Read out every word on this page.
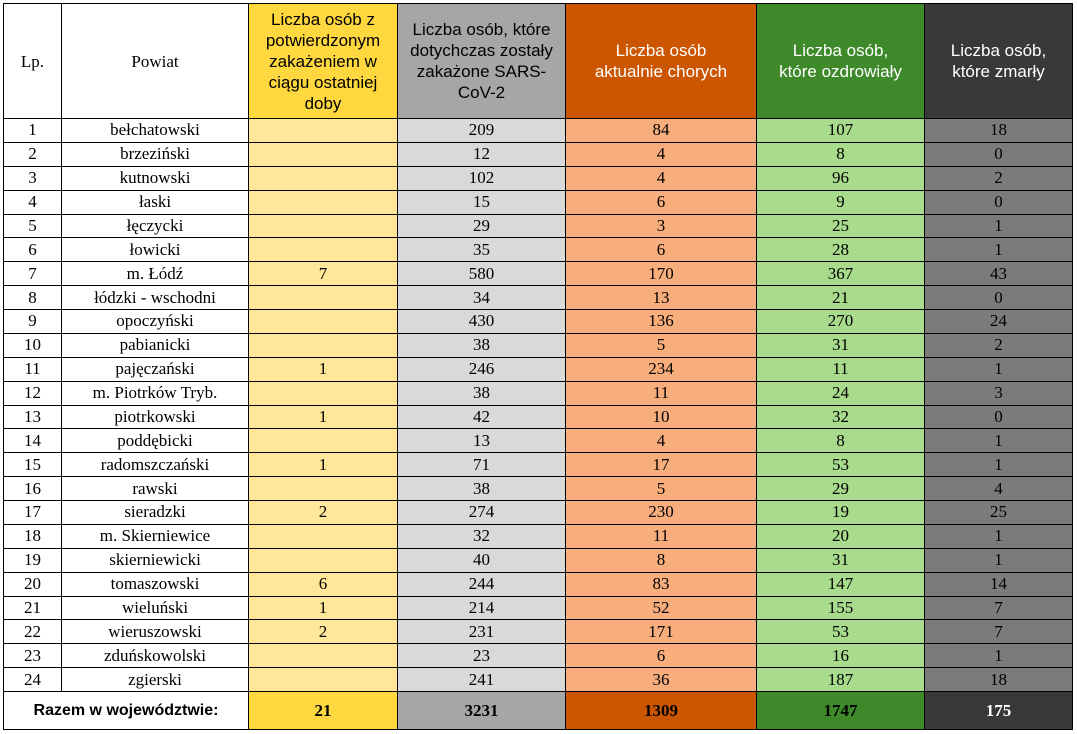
Lp.	Powiat	Liczba osób z potwierdzonym zakażeniem w ciągu ostatniej doby	Liczba osób, które dotychczas zostały zakażone SARS-CoV-2	Liczba osób aktualnie chorych	Liczba osób, które ozdrowiały	Liczba osób, które zmarły
1	bełchatowski		209	84	107	18
2	brzeziński		12	4	8	0
3	kutnowski		102	4	96	2
4	łaski		15	6	9	0
5	łęczycki		29	3	25	1
6	łowicki		35	6	28	1
7	m. Łódź	7	580	170	367	43
8	łódzki - wschodni		34	13	21	0
9	opoczyński		430	136	270	24
10	pabianicki		38	5	31	2
11	pajęczański	1	246	234	11	1
12	m. Piotrków Tryb.		38	11	24	3
13	piotrkowski	1	42	10	32	0
14	poddębicki		13	4	8	1
15	radomszczański	1	71	17	53	1
16	rawski		38	5	29	4
17	sieradzki	2	274	230	19	25
18	m. Skierniewice		32	11	20	1
19	skierniewicki		40	8	31	1
20	tomaszowski	6	244	83	147	14
21	wieluński	1	214	52	155	7
22	wieruszowski	2	231	171	53	7
23	zduńskowolski		23	6	16	1
24	zgierski		241	36	187	18
Razem w województwie:		21	3231	1309	1747	175
